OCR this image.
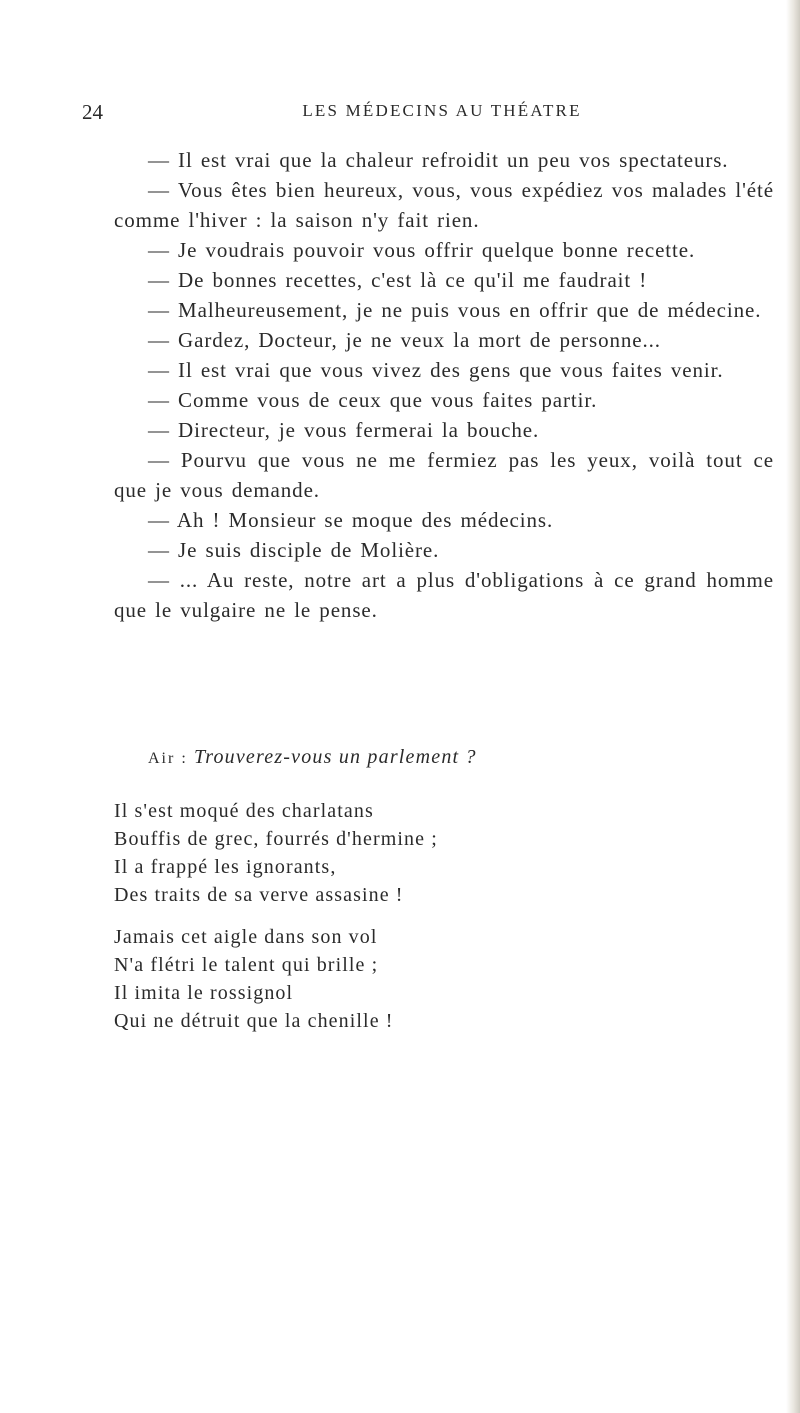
24	LES MÉDECINS AU THÉATRE

— Il est vrai que la chaleur refroidit un peu vos spectateurs.

— Vous êtes bien heureux, vous, vous expédiez vos malades l'été comme l'hiver : la saison n'y fait rien.

— Je voudrais pouvoir vous offrir quelque bonne recette.

— De bonnes recettes, c'est là ce qu'il me faudrait !

— Malheureusement, je ne puis vous en offrir que de médecine.

— Gardez, Docteur, je ne veux la mort de personne...

— Il est vrai que vous vivez des gens que vous faites venir.

— Comme vous de ceux que vous faites partir.

— Directeur, je vous fermerai la bouche.

— Pourvu que vous ne me fermiez pas les yeux, voilà tout ce que je vous demande.

— Ah ! Monsieur se moque des médecins.

— Je suis disciple de Molière.

— ... Au reste, notre art a plus d'obligations à ce grand homme que le vulgaire ne le pense.

Air : Trouverez-vous un parlement ?
Il s'est moqué des charlatans
Bouffis de grec, fourrés d'hermine ;
Il a frappé les ignorants,
Des traits de sa verve assasine !
Jamais cet aigle dans son vol
N'a flétri le talent qui brille ;
Il imita le rossignol
Qui ne détruit que la chenille !
